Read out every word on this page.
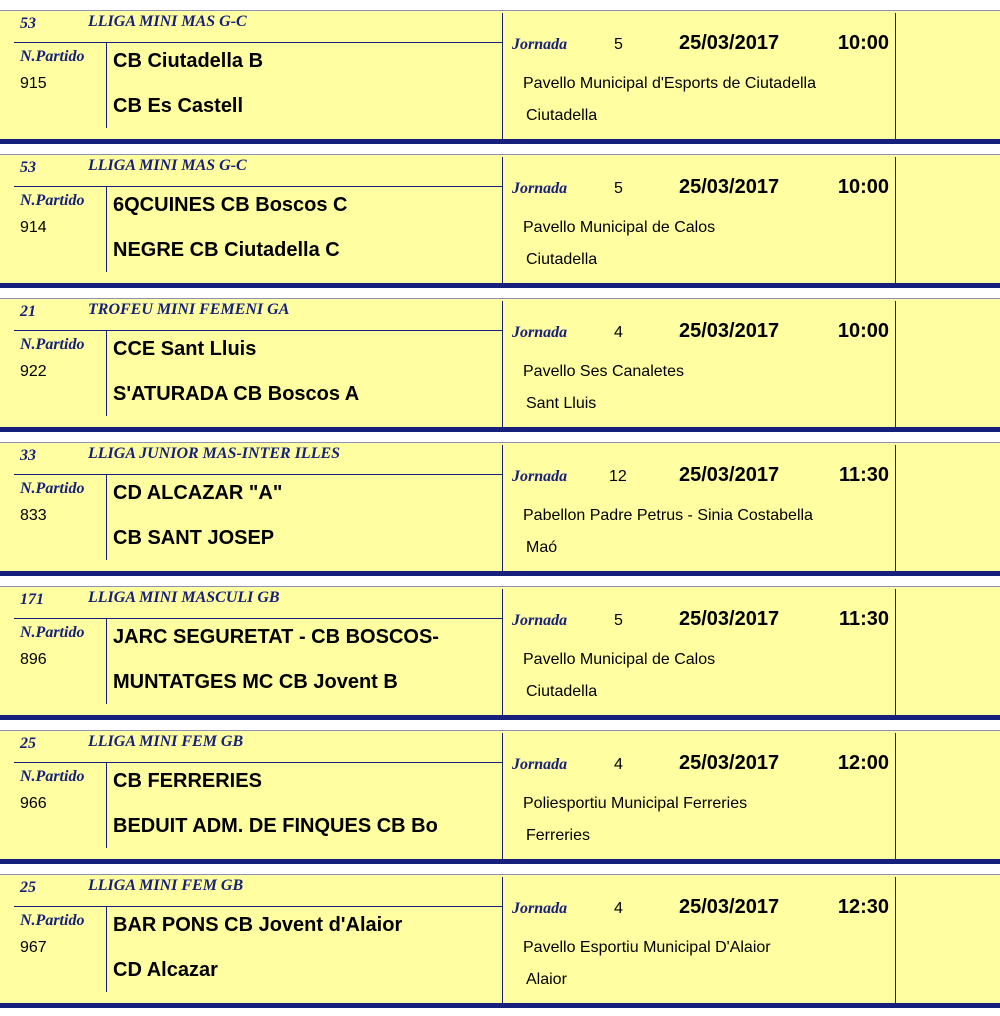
53	LLIGA MINI MAS G-C
N.Partido
915
CB Ciutadella B
CB Es Castell
Jornada	5	25/03/2017	10:00
Pavello Municipal d'Esports de Ciutadella
Ciutadella
53	LLIGA MINI MAS G-C
N.Partido
914
6QCUINES CB Boscos C
NEGRE CB Ciutadella C
Jornada	5	25/03/2017	10:00
Pavello Municipal de Calos
Ciutadella
21	TROFEU MINI FEMENI GA
N.Partido
922
CCE Sant Lluis
S'ATURADA CB Boscos A
Jornada	4	25/03/2017	10:00
Pavello Ses Canaletes
Sant Lluis
33	LLIGA JUNIOR MAS-INTER ILLES
N.Partido
833
CD ALCAZAR "A"
CB SANT JOSEP
Jornada	12	25/03/2017	11:30
Pabellon Padre Petrus - Sinia Costabella
Maó
171	LLIGA MINI MASCULI GB
N.Partido
896
JARC SEGURETAT - CB BOSCOS-
MUNTATGES MC CB Jovent B
Jornada	5	25/03/2017	11:30
Pavello Municipal de Calos
Ciutadella
25	LLIGA MINI FEM GB
N.Partido
966
CB FERRERIES
BEDUIT ADM. DE FINQUES CB Bo
Jornada	4	25/03/2017	12:00
Poliesportiu Municipal Ferreries
Ferreries
25	LLIGA MINI FEM GB
N.Partido
967
BAR PONS CB Jovent d'Alaior
CD Alcazar
Jornada	4	25/03/2017	12:30
Pavello Esportiu Municipal D'Alaior
Alaior
